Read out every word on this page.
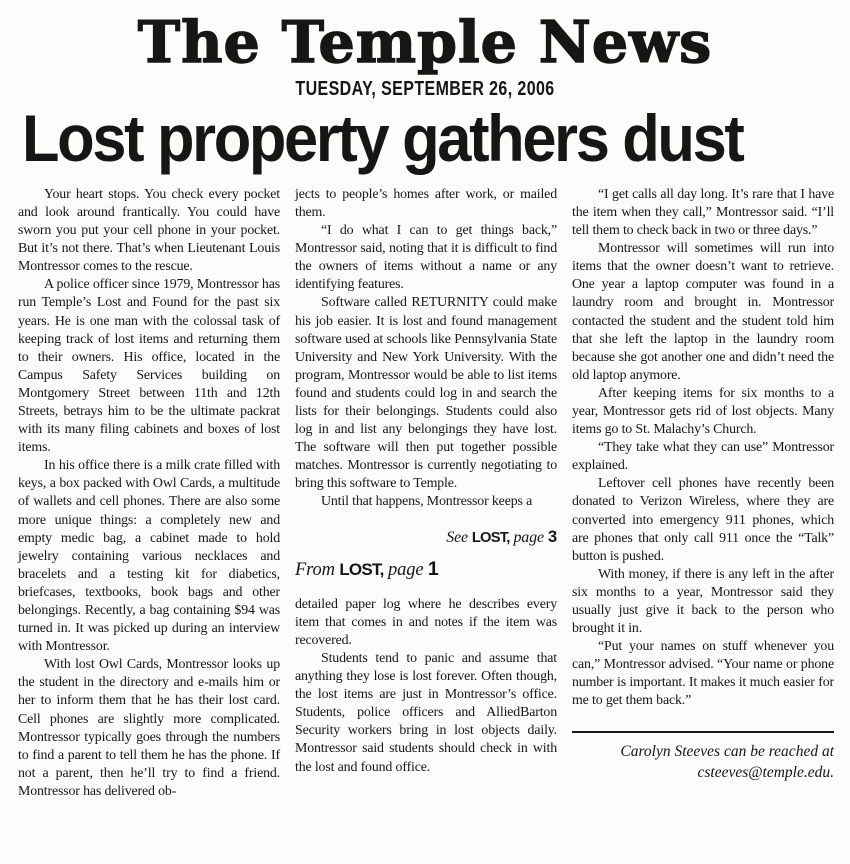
The Temple News
TUESDAY, SEPTEMBER 26, 2006
Lost property gathers dust

Your heart stops. You check every pocket and look around frantically. You could have sworn you put your cell phone in your pocket. But it’s not there. That’s when Lieutenant Louis Montressor comes to the rescue.

A police officer since 1979, Montressor has run Temple’s Lost and Found for the past six years. He is one man with the colossal task of keeping track of lost items and returning them to their owners. His office, located in the Campus Safety Services building on Montgomery Street between 11th and 12th Streets, betrays him to be the ultimate packrat with its many filing cabinets and boxes of lost items.

In his office there is a milk crate filled with keys, a box packed with Owl Cards, a multitude of wallets and cell phones. There are also some more unique things: a completely new and empty medic bag, a cabinet made to hold jewelry containing various necklaces and bracelets and a testing kit for diabetics, briefcases, textbooks, book bags and other belongings. Recently, a bag containing $94 was turned in. It was picked up during an interview with Montressor.

With lost Owl Cards, Montressor looks up the student in the directory and e-mails him or her to inform them that he has their lost card. Cell phones are slightly more complicated. Montressor typically goes through the numbers to find a parent to tell them he has the phone. If not a parent, then he’ll try to find a friend. Montressor has delivered ob-

jects to people’s homes after work, or mailed them.

“I do what I can to get things back,” Montressor said, noting that it is difficult to find the owners of items without a name or any identifying features.

Software called RETURNITY could make his job easier. It is lost and found management software used at schools like Pennsylvania State University and New York University. With the program, Montressor would be able to list items found and students could log in and search the lists for their belongings. Students could also log in and list any belongings they have lost. The software will then put together possible matches. Montressor is currently negotiating to bring this software to Temple.

Until that happens, Montressor keeps a

See LOST, page 3

From LOST, page 1

detailed paper log where he describes every item that comes in and notes if the item was recovered.

Students tend to panic and assume that anything they lose is lost forever. Often though, the lost items are just in Montressor’s office. Students, police officers and AlliedBarton Security workers bring in lost objects daily. Montressor said students should check in with the lost and found office.

“I get calls all day long. It’s rare that I have the item when they call,” Montressor said. “I’ll tell them to check back in two or three days.”

Montressor will sometimes will run into items that the owner doesn’t want to retrieve. One year a laptop computer was found in a laundry room and brought in. Montressor contacted the student and the student told him that she left the laptop in the laundry room because she got another one and didn’t need the old laptop anymore.

After keeping items for six months to a year, Montressor gets rid of lost objects. Many items go to St. Malachy’s Church.

“They take what they can use” Montressor explained.

Leftover cell phones have recently been donated to Verizon Wireless, where they are converted into emergency 911 phones, which are phones that only call 911 once the “Talk” button is pushed.

With money, if there is any left in the after six months to a year, Montressor said they usually just give it back to the person who brought it in.

“Put your names on stuff whenever you can,” Montressor advised. “Your name or phone number is important. It makes it much easier for me to get them back.”

Carolyn Steeves can be reached at
csteeves@temple.edu.
